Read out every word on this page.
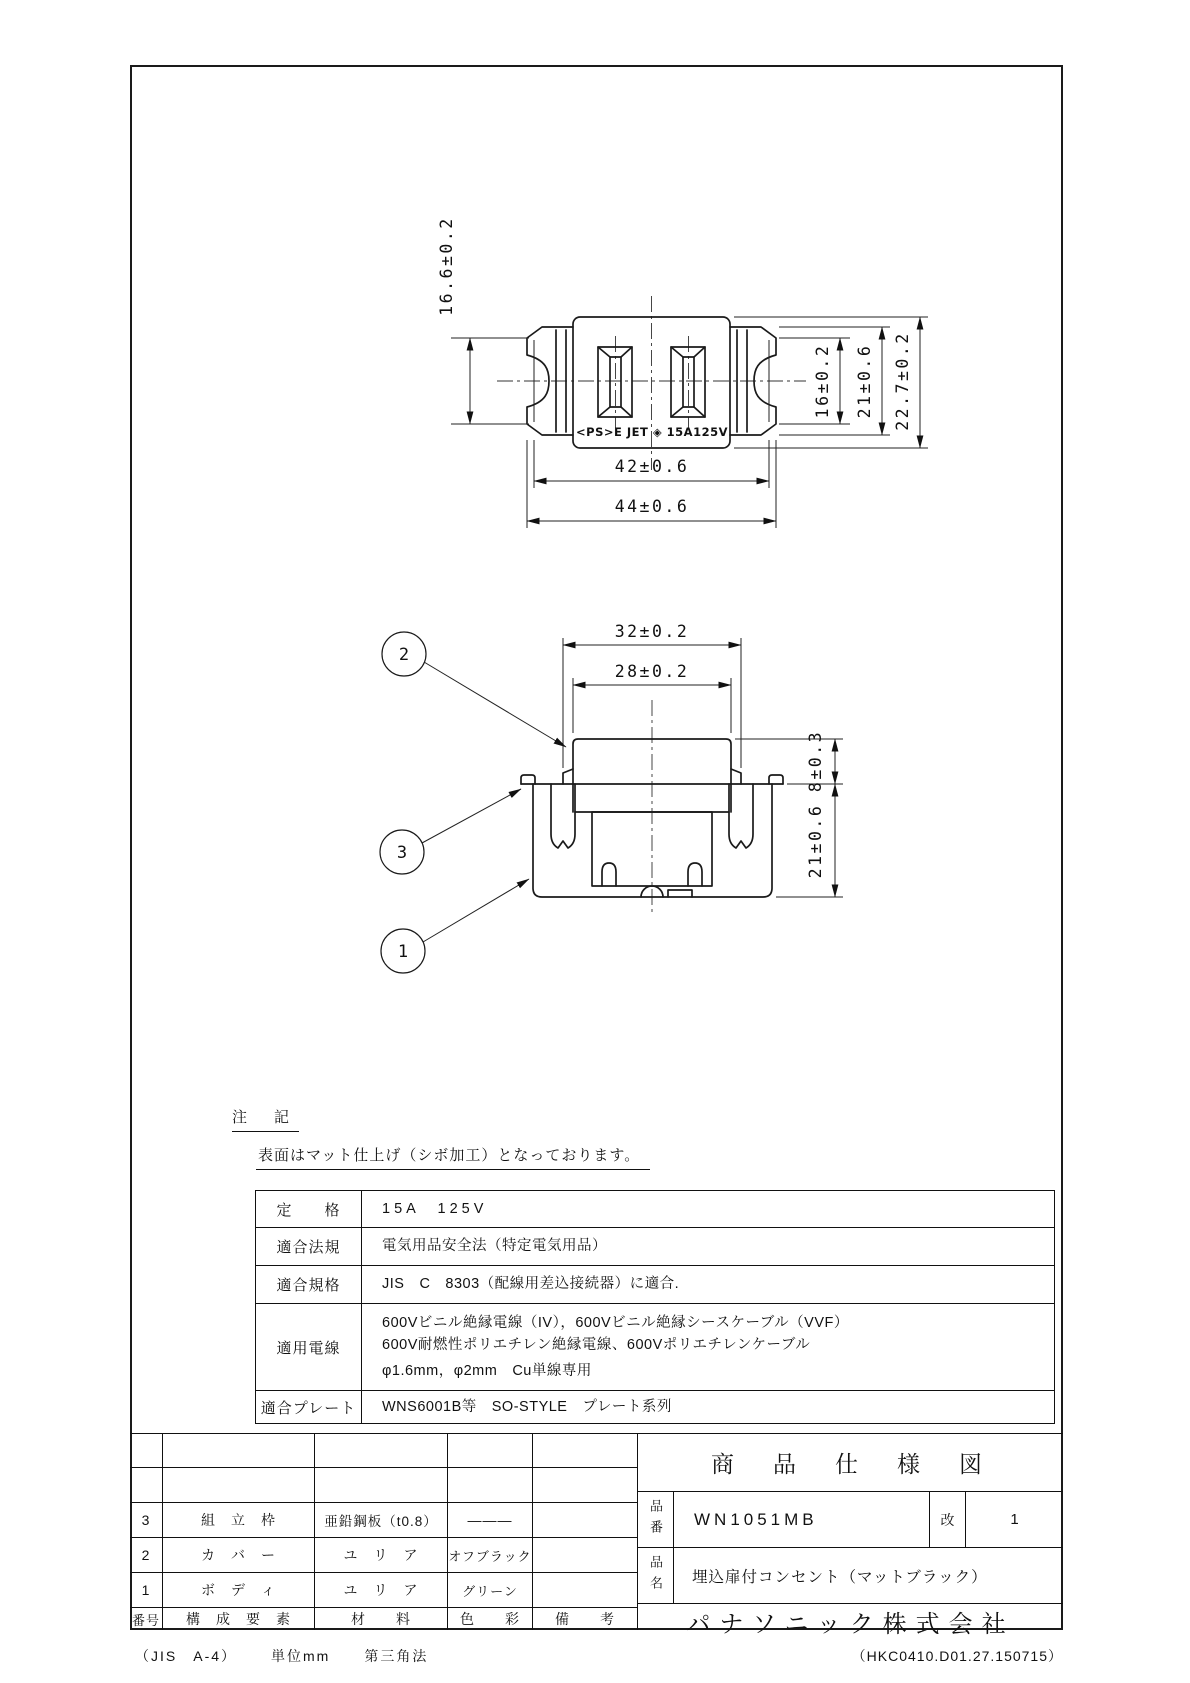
<PS>E JET ◈ 15A125V
16.6±0.2
16±0.2 21±0.6 22.7±0.2
42±0.6
44±0.6
32±0.2
28±0.2
8±0.3
21±0.6
2
3
1
注　記
表面はマット仕上げ（シボ加工）となっております。
定　　格	15A　125V
適合法規	電気用品安全法（特定電気用品）
適合規格	JIS　C　8303（配線用差込接続器）に適合.
適用電線
600Vビニル絶縁電線（IV），600Vビニル絶縁シースケーブル（VVF）
600V耐燃性ポリエチレン絶縁電線、600Vポリエチレンケーブル
φ1.6mm，φ2mm　Cu単線専用
適合プレート	WNS6001B等　SO-STYLE　プレート系列
3	組　立　枠	亜鉛鋼板（t0.8）	———
2	カ　バ　ー	ユ　リ　ア	オフブラック
1	ボ　デ　ィ	ユ　リ　ア	グリーン
番号	構　成　要　素	材　　料	色　　彩	備　　考
商　品　仕　様　図
品番	WN1051MB	改	1
品名	埋込扉付コンセント（マットブラック）
パナソニック株式会社
（JIS　A-4） 単位mm 第三角法	（HKC0410.D01.27.150715）
